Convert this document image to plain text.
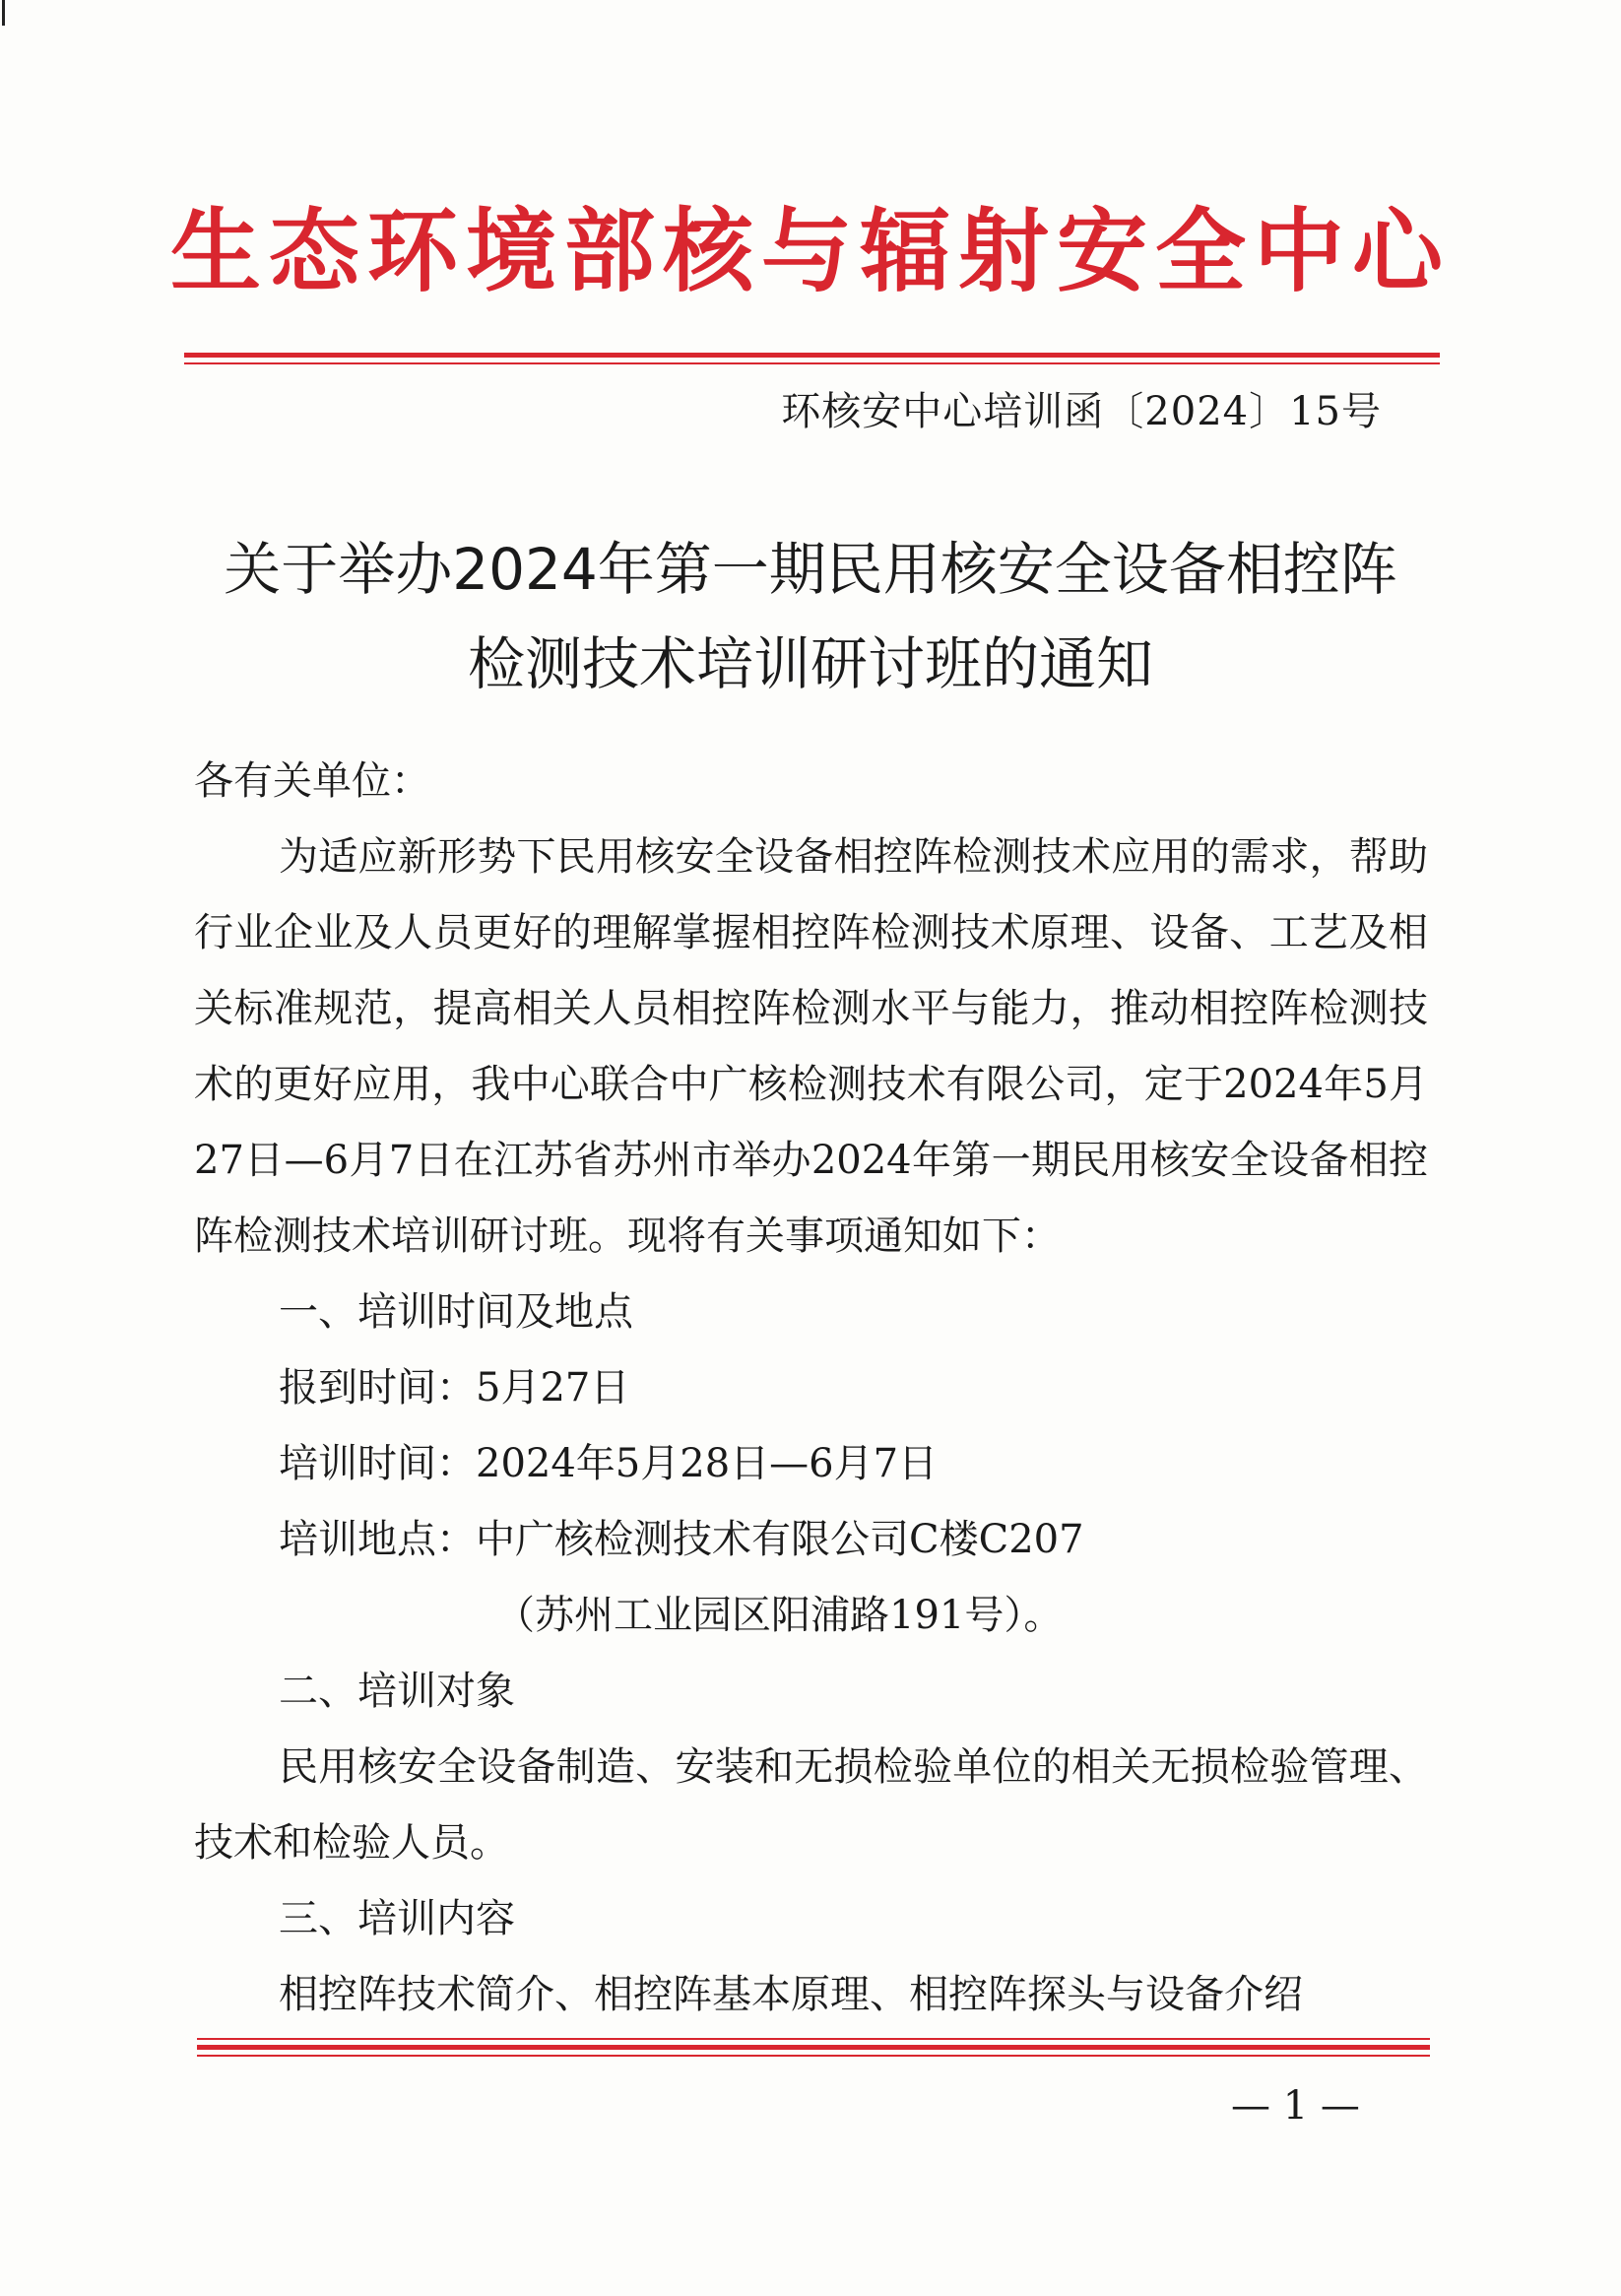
生态环境部核与辐射安全中心
环核安中心培训函〔2024〕15号
关于举办2024年第一期民用核安全设备相控阵
检测技术培训研讨班的通知

各有关单位：

为适应新形势下民用核安全设备相控阵检测技术应用的需求，帮助行业企业及人员更好的理解掌握相控阵检测技术原理、设备、工艺及相关标准规范，提高相关人员相控阵检测水平与能力，推动相控阵检测技术的更好应用，我中心联合中广核检测技术有限公司，定于2024年5月27日—6月7日在江苏省苏州市举办2024年第一期民用核安全设备相控阵检测技术培训研讨班。现将有关事项通知如下：

一、培训时间及地点

报到时间：5月27日

培训时间：2024年5月28日—6月7日

培训地点：中广核检测技术有限公司C楼C207

（苏州工业园区阳浦路191号）。

二、培训对象

民用核安全设备制造、安装和无损检验单位的相关无损检验管理、技术和检验人员。

三、培训内容

相控阵技术简介、相控阵基本原理、相控阵探头与设备介绍

— 1 —
